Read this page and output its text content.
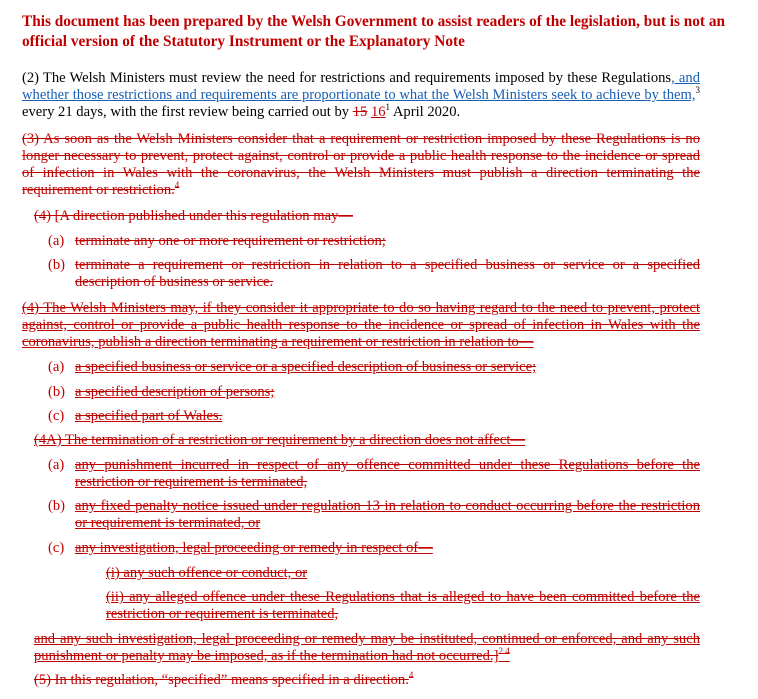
This document has been prepared by the Welsh Government to assist readers of the legislation, but is not an official version of the Statutory Instrument or the Explanatory Note
(2) The Welsh Ministers must review the need for restrictions and requirements imposed by these Regulations, and whether those restrictions and requirements are proportionate to what the Welsh Ministers seek to achieve by them,$^3$ every 21 days, with the first review being carried out by 15 $16^1$ April 2020.
(3) As soon as the Welsh Ministers consider that a requirement or restriction imposed by these Regulations is no longer necessary to prevent, protect against, control or provide a public health response to the incidence or spread of infection in Wales with the coronavirus, the Welsh Ministers must publish a direction terminating the requirement or restriction.$^4$
(4) [A direction published under this regulation may—
(a) terminate any one or more requirement or restriction;
(b) terminate a requirement or restriction in relation to a specified business or service or a specified description of business or service.
(4) The Welsh Ministers may, if they consider it appropriate to do so having regard to the need to prevent, protect against, control or provide a public health response to the incidence or spread of infection in Wales with the coronavirus, publish a direction terminating a requirement or restriction in relation to—
(a) a specified business or service or a specified description of business or service;
(b) a specified description of persons;
(c) a specified part of Wales.
(4A) The termination of a restriction or requirement by a direction does not affect—
(a) any punishment incurred in respect of any offence committed under these Regulations before the restriction or requirement is terminated,
(b) any fixed penalty notice issued under regulation 13 in relation to conduct occurring before the restriction or requirement is terminated, or
(c) any investigation, legal proceeding or remedy in respect of—
(i) any such offence or conduct, or
(ii) any alleged offence under these Regulations that is alleged to have been committed before the restriction or requirement is terminated,
and any such investigation, legal proceeding or remedy may be instituted, continued or enforced, and any such punishment or penalty may be imposed, as if the termination had not occurred.]$^{2 4}$
(5) In this regulation, “specified” means specified in a direction.$^4$
